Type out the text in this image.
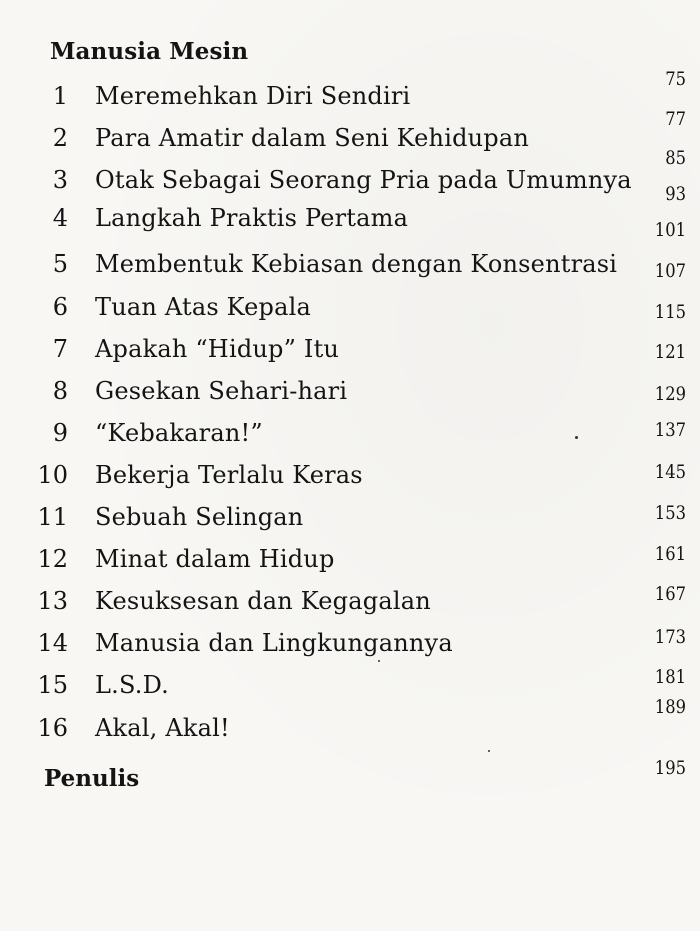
Manusia Mesin
1 Meremehkan Diri Sendiri
2 Para Amatir dalam Seni Kehidupan
3 Otak Sebagai Seorang Pria pada Umumnya
4 Langkah Praktis Pertama
5 Membentuk Kebiasan dengan Konsentrasi
6 Tuan Atas Kepala
7 Apakah “Hidup” Itu
8 Gesekan Sehari-hari
9 “Kebakaran!”
10 Bekerja Terlalu Keras
11 Sebuah Selingan
12 Minat dalam Hidup
13 Kesuksesan dan Kegagalan
14 Manusia dan Lingkungannya
15 L.S.D.
16 Akal, Akal!
75
77
85
93
101
107
115
121
129
137
145
153
161
167
173
181
189
195
Penulis
